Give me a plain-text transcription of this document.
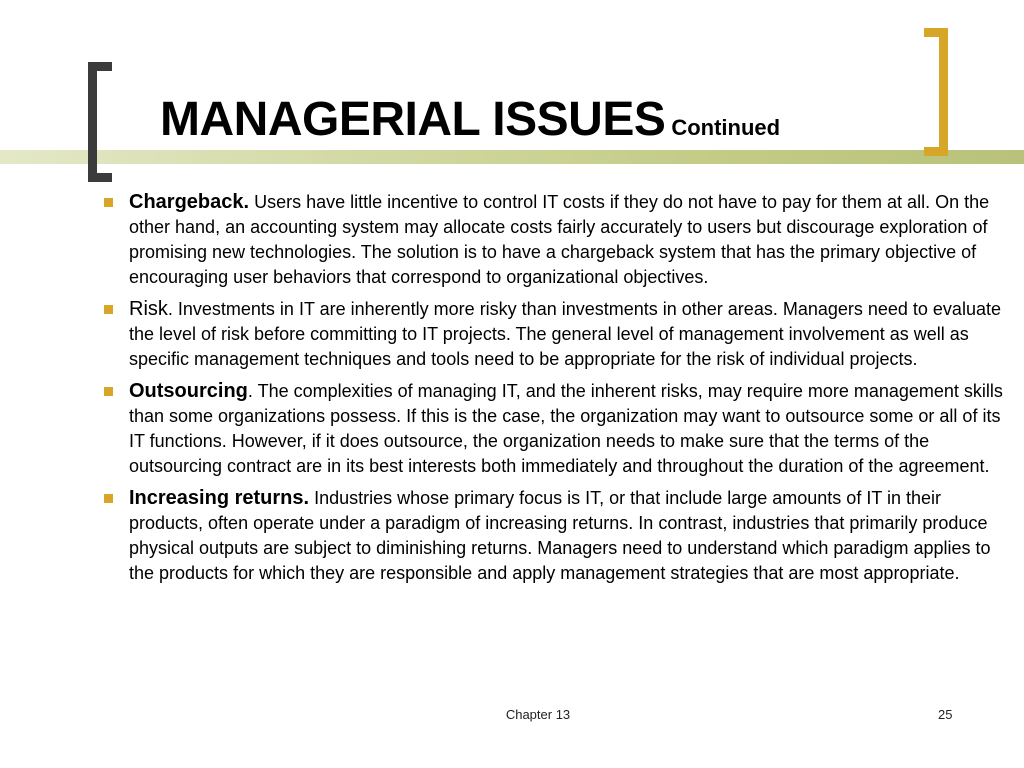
MANAGERIAL ISSUES Continued
Chargeback. Users have little incentive to control IT costs if they do not have to pay for them at all. On the other hand, an accounting system may allocate costs fairly accurately to users but discourage exploration of promising new technologies. The solution is to have a chargeback system that has the primary objective of encouraging user behaviors that correspond to organizational objectives.
Risk. Investments in IT are inherently more risky than investments in other areas. Managers need to evaluate the level of risk before committing to IT projects. The general level of management involvement as well as specific management techniques and tools need to be appropriate for the risk of individual projects.
Outsourcing. The complexities of managing IT, and the inherent risks, may require more management skills than some organizations possess. If this is the case, the organization may want to outsource some or all of its IT functions. However, if it does outsource, the organization needs to make sure that the terms of the outsourcing contract are in its best interests both immediately and throughout the duration of the agreement.
Increasing returns. Industries whose primary focus is IT, or that include large amounts of IT in their products, often operate under a paradigm of increasing returns. In contrast, industries that primarily produce physical outputs are subject to diminishing returns. Managers need to understand which paradigm applies to the products for which they are responsible and apply management strategies that are most appropriate.
Chapter 13	25
